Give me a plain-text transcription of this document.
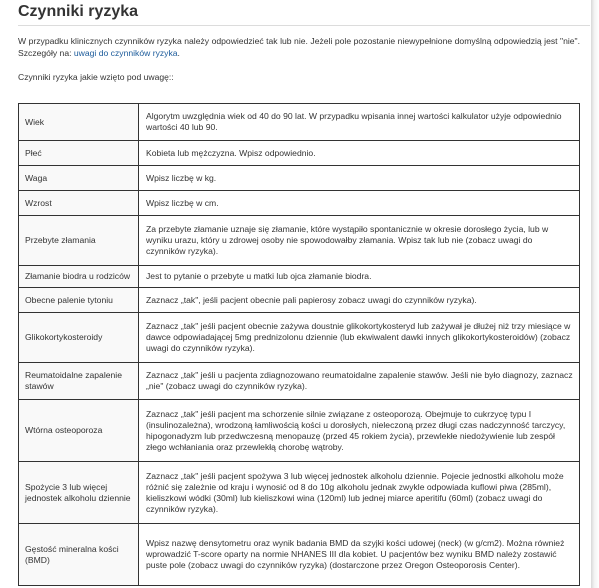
Czynniki ryzyka
W przypadku klinicznych czynników ryzyka należy odpowiedzieć tak lub nie. Jeżeli pole pozostanie niewypełnione domyślną odpowiedzią jest "nie". Szczegóły na: uwagi do czynników ryzyka.
Czynniki ryzyka jakie wzięto pod uwagę::
Wiek	Algorytm uwzględnia wiek od 40 do 90 lat. W przypadku wpisania innej wartości kalkulator użyje odpowiednio wartości 40 lub 90.
Płeć	Kobieta lub mężczyzna. Wpisz odpowiednio.
Waga	Wpisz liczbę w kg.
Wzrost	Wpisz liczbę w cm.
Przebyte złamania	Za przebyte złamanie uznaje się złamanie, które wystąpiło spontanicznie w okresie dorosłego życia, lub w wyniku urazu, który u zdrowej osoby nie spowodowałby złamania. Wpisz tak lub nie (zobacz uwagi do czynników ryzyka).
Złamanie biodra u rodziców	Jest to pytanie o przebyte u matki lub ojca złamanie biodra.
Obecne palenie tytoniu	Zaznacz „tak", jeśli pacjent obecnie pali papierosy zobacz uwagi do czynników ryzyka).
Glikokortykosteroidy	Zaznacz „tak" jeśli pacjent obecnie zażywa doustnie glikokortykosteryd lub zażywał je dłużej niż trzy miesiące w dawce odpowiadającej 5mg prednizolonu dziennie (lub ekwiwalent dawki innych glikokortykosteroidów) (zobacz uwagi do czynników ryzyka).
Reumatoidalne zapalenie stawów	Zaznacz „tak" jeśli u pacjenta zdiagnozowano reumatoidalne zapalenie stawów. Jeśli nie było diagnozy, zaznacz „nie" (zobacz uwagi do czynników ryzyka).
Wtórna osteoporoza	Zaznacz „tak" jeśli pacjent ma schorzenie silnie związane z osteoporozą. Obejmuje to cukrzycę typu I (insulinozależna), wrodzoną łamliwością kości u dorosłych, nieleczoną przez długi czas nadczynność tarczycy, hipogonadyzm lub przedwczesną menopauzę (przed 45 rokiem życia), przewlekłe niedożywienie lub zespół złego wchłaniania oraz przewlekłą chorobę wątroby.
Spożycie 3 lub więcej jednostek alkoholu dziennie	Zaznacz „tak" jeśli pacjent spożywa 3 lub więcej jednostek alkoholu dziennie. Pojecie jednostki alkoholu może różnić się zależnie od kraju i wynosić od 8 do 10g alkoholu jednak zwykle odpowiada kuflowi piwa (285ml), kieliszkowi wódki (30ml) lub kieliszkowi wina (120ml) lub jednej miarce aperitifu (60ml) (zobacz uwagi do czynników ryzyka).
Gęstość mineralna kości (BMD)	Wpisz nazwę densytometru oraz wynik badania BMD da szyjki kości udowej (neck) (w g/cm2). Można również wprowadzić T-score oparty na normie NHANES III dla kobiet. U pacjentów bez wyniku BMD należy zostawić puste pole (zobacz uwagi do czynników ryzyka) (dostarczone przez Oregon Osteoporosis Center).
